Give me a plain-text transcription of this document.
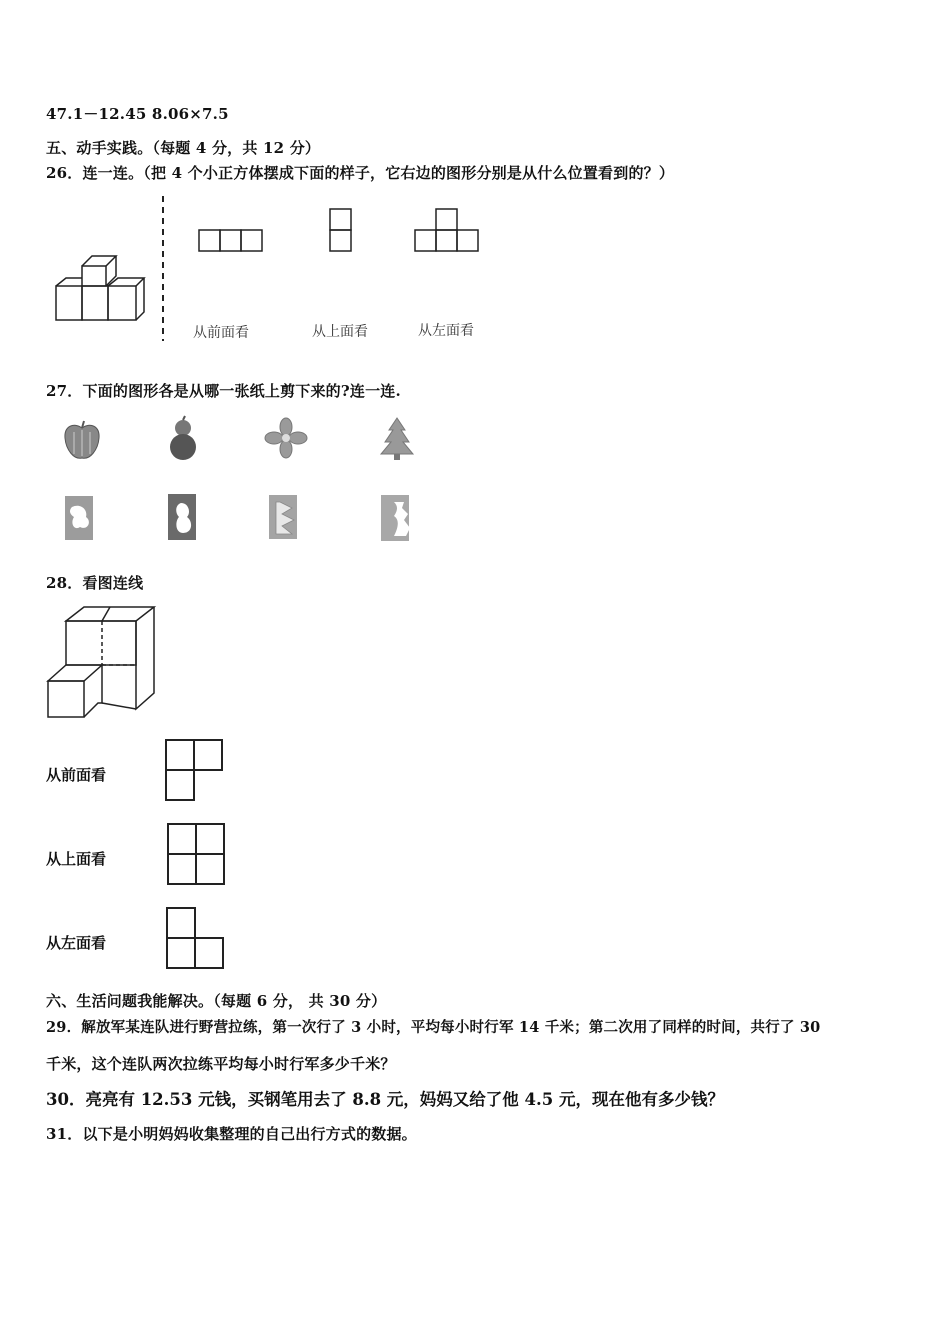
47.1－12.45 8.06×7.5
五、动手实践。（每题 4 分，共 12 分）
26．连一连。（把 4 个小正方体摆成下面的样子，它右边的图形分别是从什么位置看到的？）
从前面看	从上面看	从左面看
27．下面的图形各是从哪一张纸上剪下来的?连一连.
28．看图连线
从前面看
从上面看
从左面看
六、生活问题我能解决。（每题 6 分， 共 30 分）
29．解放军某连队进行野营拉练，第一次行了 3 小时，平均每小时行军 14 千米；第二次用了同样的时间，共行了 30
千米，这个连队两次拉练平均每小时行军多少千米？
30．亮亮有 12.53 元钱，买钢笔用去了 8.8 元，妈妈又给了他 4.5 元，现在他有多少钱？
31．以下是小明妈妈收集整理的自己出行方式的数据。
